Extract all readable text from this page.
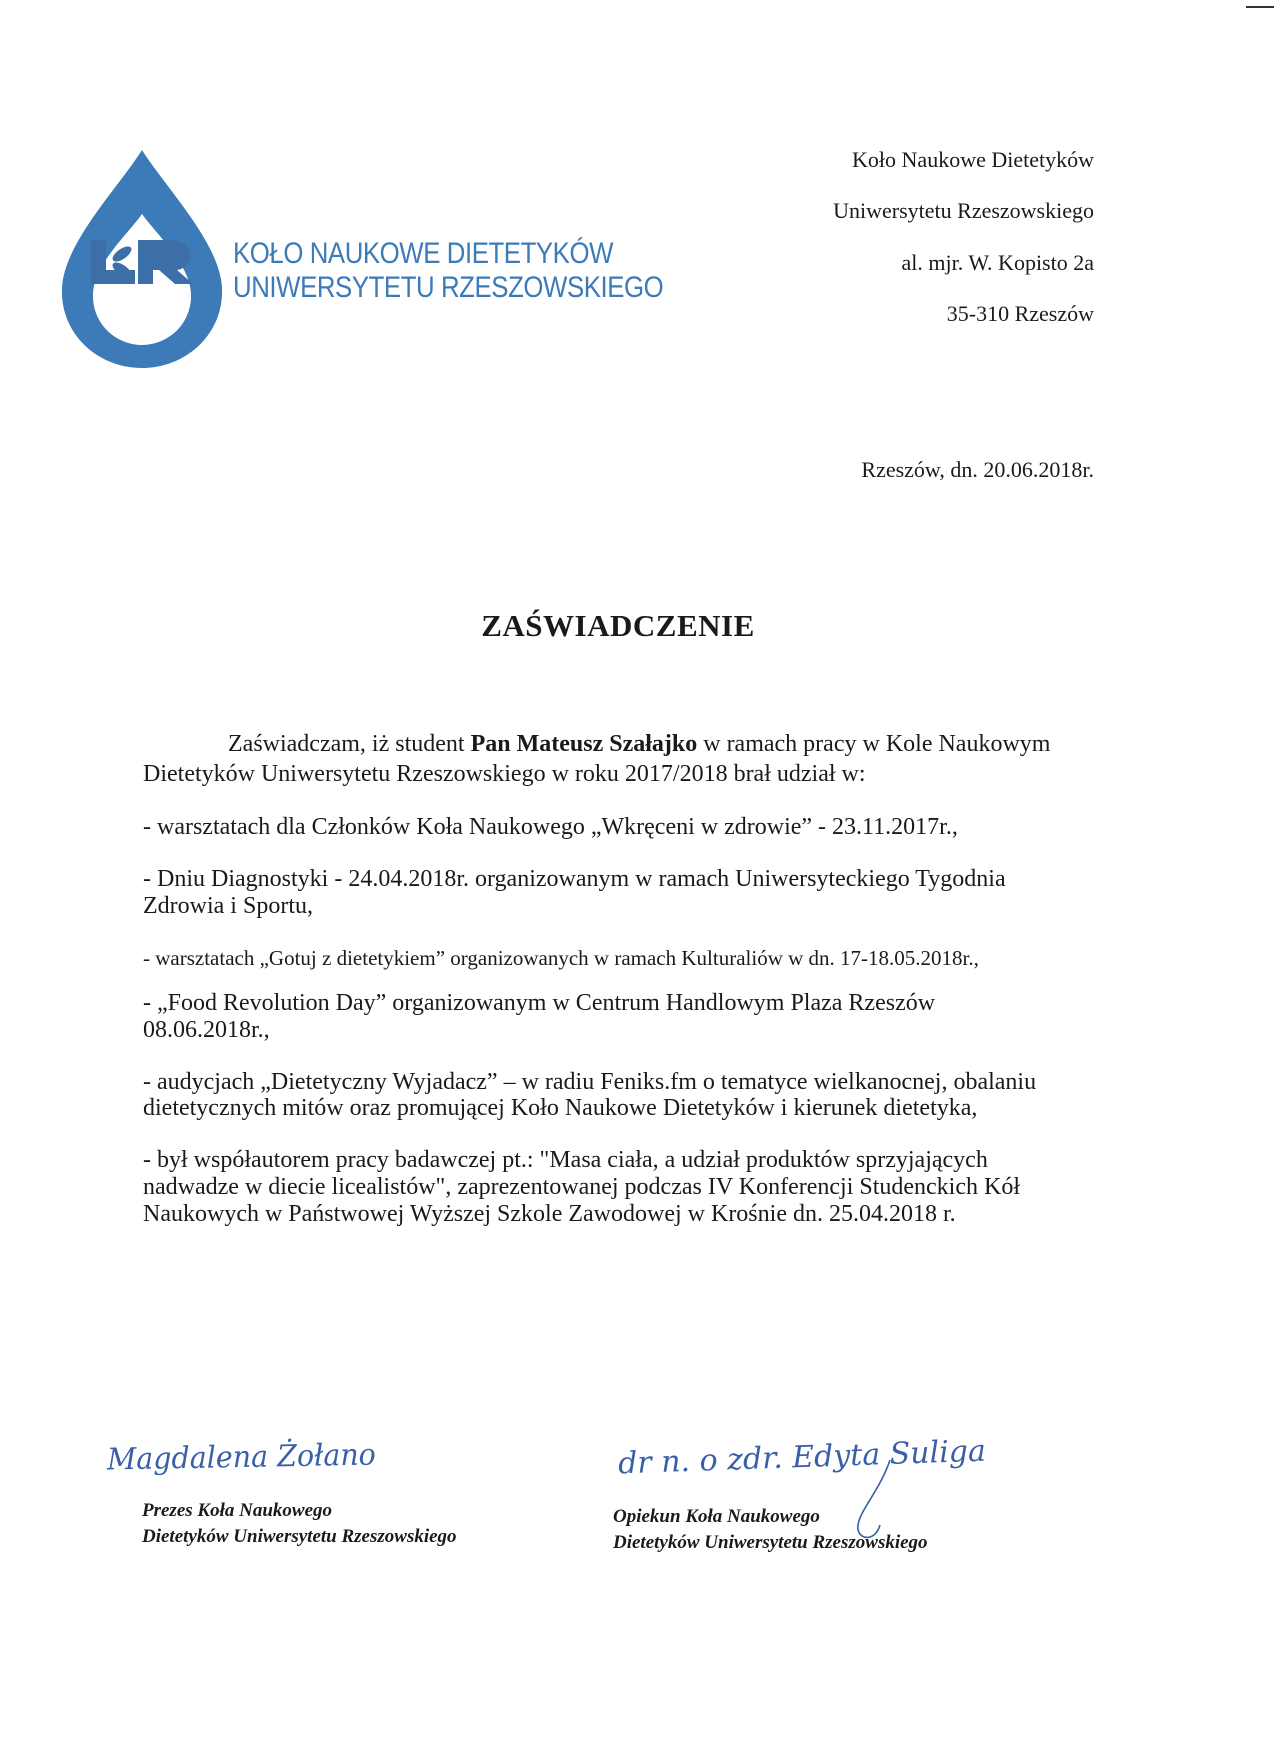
KOŁO NAUKOWE DIETETYKÓW
UNIWERSYTETU RZESZOWSKIEGO
Koło Naukowe Dietetyków
Uniwersytetu Rzeszowskiego
al. mjr. W. Kopisto 2a
35-310 Rzeszów
Rzeszów, dn. 20.06.2018r.
ZAŚWIADCZENIE
Zaświadczam, iż student Pan Mateusz Szałajko w ramach pracy w Kole Naukowym
Dietetyków Uniwersytetu Rzeszowskiego w roku 2017/2018 brał udział w:
- warsztatach dla Członków Koła Naukowego „Wkręceni w zdrowie” - 23.11.2017r.,
- Dniu Diagnostyki - 24.04.2018r. organizowanym w ramach Uniwersyteckiego Tygodnia
Zdrowia i Sportu,
- warsztatach „Gotuj z dietetykiem” organizowanych w ramach Kulturaliów w dn. 17-18.05.2018r.,
- „Food Revolution Day” organizowanym w Centrum Handlowym Plaza Rzeszów
08.06.2018r.,
- audycjach „Dietetyczny Wyjadacz” – w radiu Feniks.fm o tematyce wielkanocnej, obalaniu
dietetycznych mitów oraz promującej Koło Naukowe Dietetyków i kierunek dietetyka,
- był współautorem pracy badawczej pt.: "Masa ciała, a udział produktów sprzyjających
nadwadze w diecie licealistów", zaprezentowanej podczas IV Konferencji Studenckich Kół
Naukowych w Państwowej Wyższej Szkole Zawodowej w Krośnie dn. 25.04.2018 r.
Magdalena Żołano
Prezes Koła Naukowego
Dietetyków Uniwersytetu Rzeszowskiego
dr n. o zdr. Edyta Suliga
Opiekun Koła Naukowego
Dietetyków Uniwersytetu Rzeszowskiego
